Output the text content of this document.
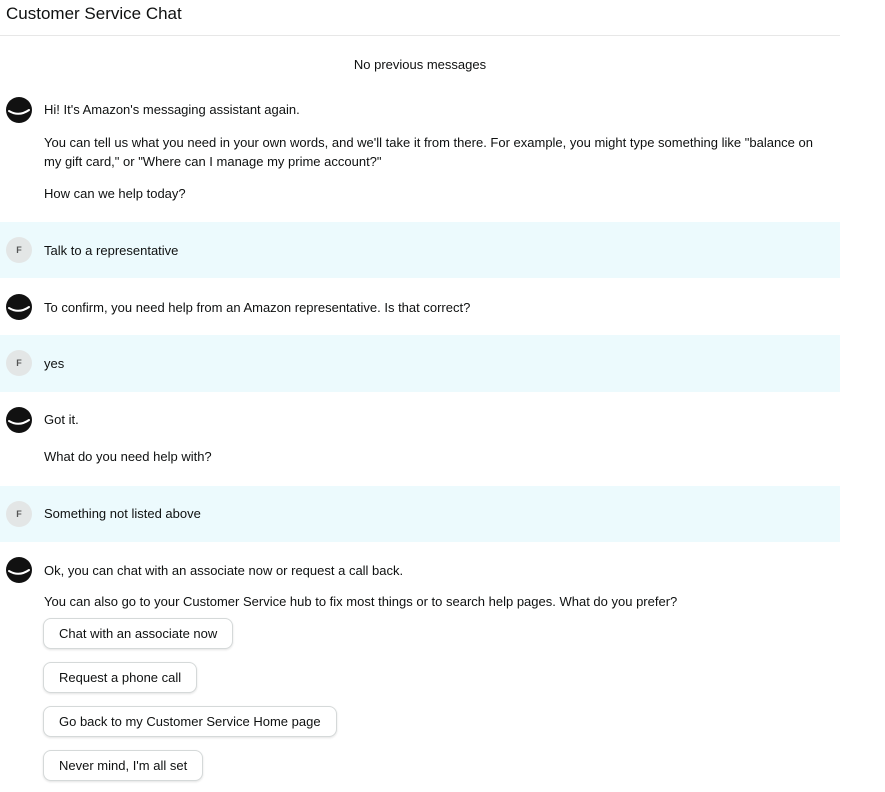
Customer Service Chat
No previous messages
Hi! It's Amazon's messaging assistant again.
You can tell us what you need in your own words, and we'll take it from there. For example, you might type something like "balance on my gift card," or "Where can I manage my prime account?"
How can we help today?
F	Talk to a representative
To confirm, you need help from an Amazon representative. Is that correct?
F	yes
Got it.
What do you need help with?
F	Something not listed above
Ok, you can chat with an associate now or request a call back.
You can also go to your Customer Service hub to fix most things or to search help pages. What do you prefer?
Chat with an associate now
Request a phone call
Go back to my Customer Service Home page
Never mind, I'm all set
